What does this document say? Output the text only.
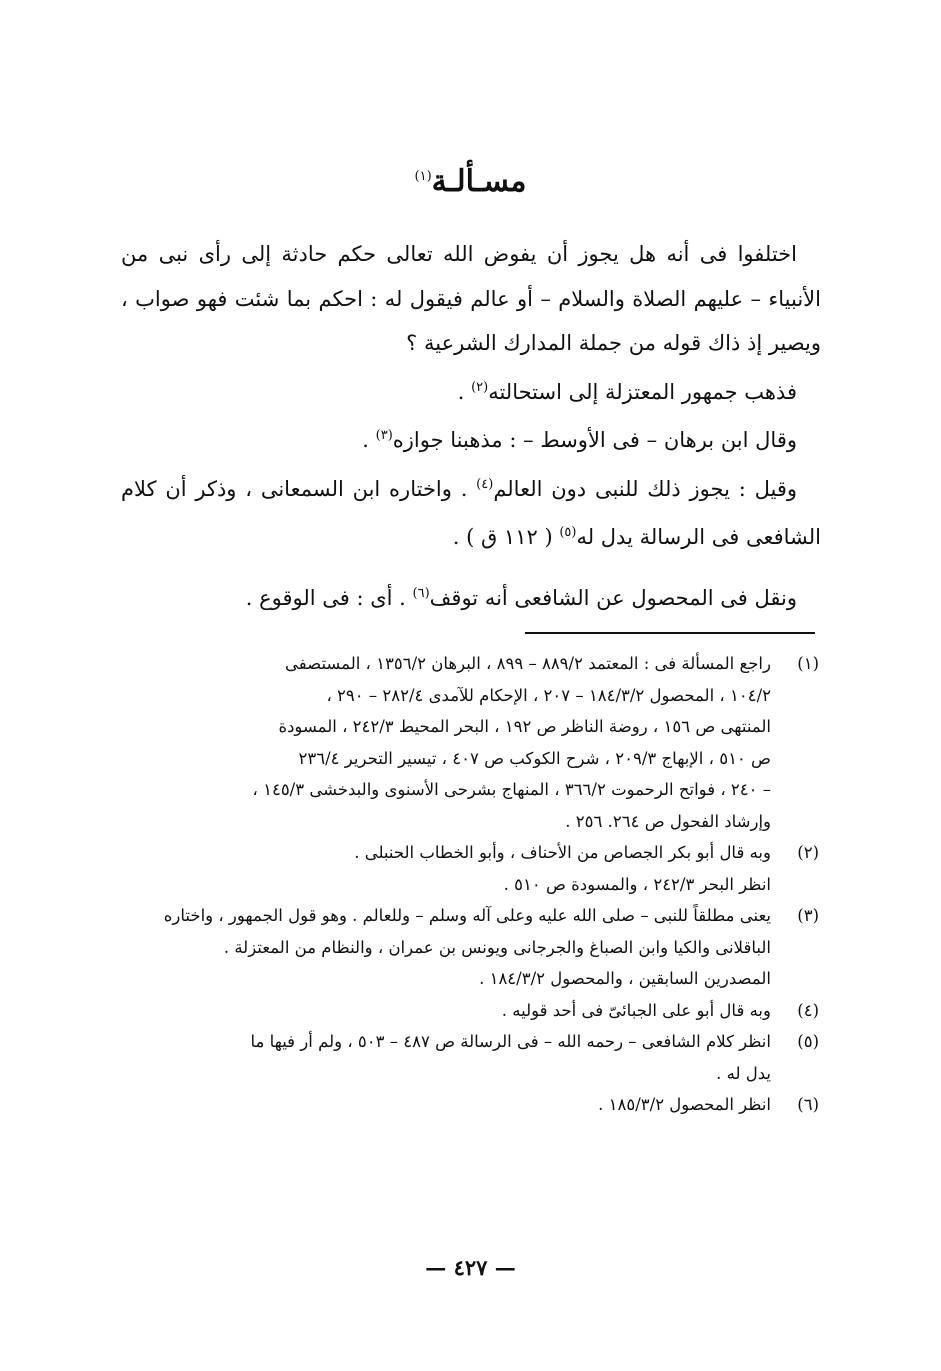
مسـألـة$^{(١)}$

اختلفوا فى أنه هل يجوز أن يفوض الله تعالى حكم حادثة إلى رأى نبى من الأنبياء – عليهم الصلاة والسلام – أو عالم فيقول له : احكم بما شئت فهو صواب ، ويصير إذ ذاك قوله من جملة المدارك الشرعية ؟

فذهب جمهور المعتزلة إلى استحالته$^{(٢)}$ .

وقال ابن برهان – فى الأوسط – : مذهبنا جوازه$^{(٣)}$ .

وقيل : يجوز ذلك للنبى دون العالم$^{(٤)}$ . واختاره ابن السمعانى ، وذكر أن كلام الشافعى فى الرسالة يدل له$^{(٥)}$ ( ١١٢ ق ) .

ونقل فى المحصول عن الشافعى أنه توقف$^{(٦)}$ . أى : فى الوقوع .

(١)
راجع المسألة فى : المعتمد ٨٨٩/٢ – ٨٩٩ ، البرهان ١٣٥٦/٢ ، المستصفى
١٠٤/٢ ، المحصول ١٨٤/٣/٢ – ٢٠٧ ، الإحكام للآمدى ٢٨٢/٤ – ٢٩٠ ،
المنتهى ص ١٥٦ ، روضة الناظر ص ١٩٢ ، البحر المحيط ٢٤٢/٣ ، المسودة
ص ٥١٠ ، الإبهاج ٢٠٩/٣ ، شرح الكوكب ص ٤٠٧ ، تيسير التحرير ٢٣٦/٤
– ٢٤٠ ، فواتح الرحموت ٣٦٦/٢ ، المنهاج بشرحى الأسنوى والبدخشى ١٤٥/٣ ،
وإرشاد الفحول ص ٢٦٤. ٢٥٦ .
(٢)
وبه قال أبو بكر الجصاص من الأحناف ، وأبو الخطاب الحنبلى .
انظر البحر ٢٤٢/٣ ، والمسودة ص ٥١٠ .
(٣)
يعنى مطلقاً للنبى – صلى الله عليه وعلى آله وسلم – وللعالم . وهو قول الجمهور ، واختاره
الباقلانى والكيا وابن الصباغ والجرجانى ويونس بن عمران ، والنظام من المعتزلة .
المصدرين السابقين ، والمحصول ١٨٤/٣/٢ .
(٤)
وبه قال أبو على الجبائىّ فى أحد قوليه .
(٥)
انظر كلام الشافعى – رحمه الله – فى الرسالة ص ٤٨٧ – ٥٠٣ ، ولم أر فيها ما
يدل له .
(٦)
انظر المحصول ١٨٥/٣/٢ .
— ٤٢٧ —
